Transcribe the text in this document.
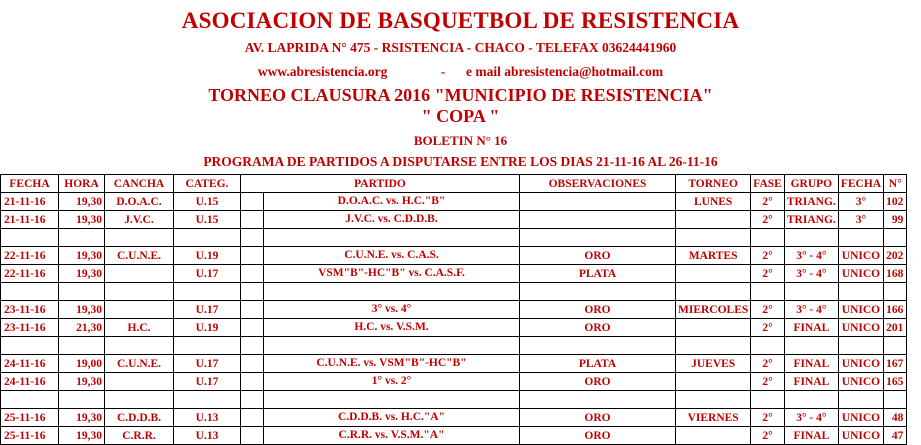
ASOCIACION DE BASQUETBOL DE RESISTENCIA
AV. LAPRIDA N° 475 - RSISTENCIA - CHACO - TELEFAX 03624441960
www.abresistencia.org	- e mail abresistencia@hotmail.com
TORNEO CLAUSURA 2016 "MUNICIPIO DE RESISTENCIA"
" COPA "
BOLETIN N° 16
PROGRAMA DE PARTIDOS A DISPUTARSE ENTRE LOS DIAS 21-11-16 AL 26-11-16
FECHA	HORA	CANCHA	CATEG.	PARTIDO	OBSERVACIONES	TORNEO	FASE	GRUPO	FECHA	N°
21-11-16	19,30	D.O.A.C.	U.15	D.O.A.C. vs. H.C."B"		LUNES	2°	TRIANG.	3°	102
21-11-16	19,30	J.V.C.	U.15	J.V.C. vs. C.D.D.B.			2°	TRIANG.	3°	99

22-11-16	19,30	C.U.N.E.	U.19	C.U.N.E. vs. C.A.S.	ORO	MARTES	2°	3° - 4°	UNICO	202
22-11-16	19,30		U.17	VSM"B"-HC"B" vs. C.A.S.F.	PLATA		2°	3° - 4°	UNICO	168

23-11-16	19,30		U.17	3° vs. 4°	ORO	MIERCOLES	2°	3° - 4°	UNICO	166
23-11-16	21,30	H.C.	U.19	H.C. vs. V.S.M.	ORO		2°	FINAL	UNICO	201

24-11-16	19,00	C.U.N.E.	U.17	C.U.N.E. vs. VSM"B"-HC"B"	PLATA	JUEVES	2°	FINAL	UNICO	167
24-11-16	19,30		U.17	1° vs. 2°	ORO		2°	FINAL	UNICO	165

25-11-16	19,30	C.D.D.B.	U.13	C.D.D.B. vs. H.C."A"	ORO	VIERNES	2°	3° - 4°	UNICO	48
25-11-16	19,30	C.R.R.	U.13	C.R.R. vs. V.S.M."A"	ORO		2°	FINAL	UNICO	47
